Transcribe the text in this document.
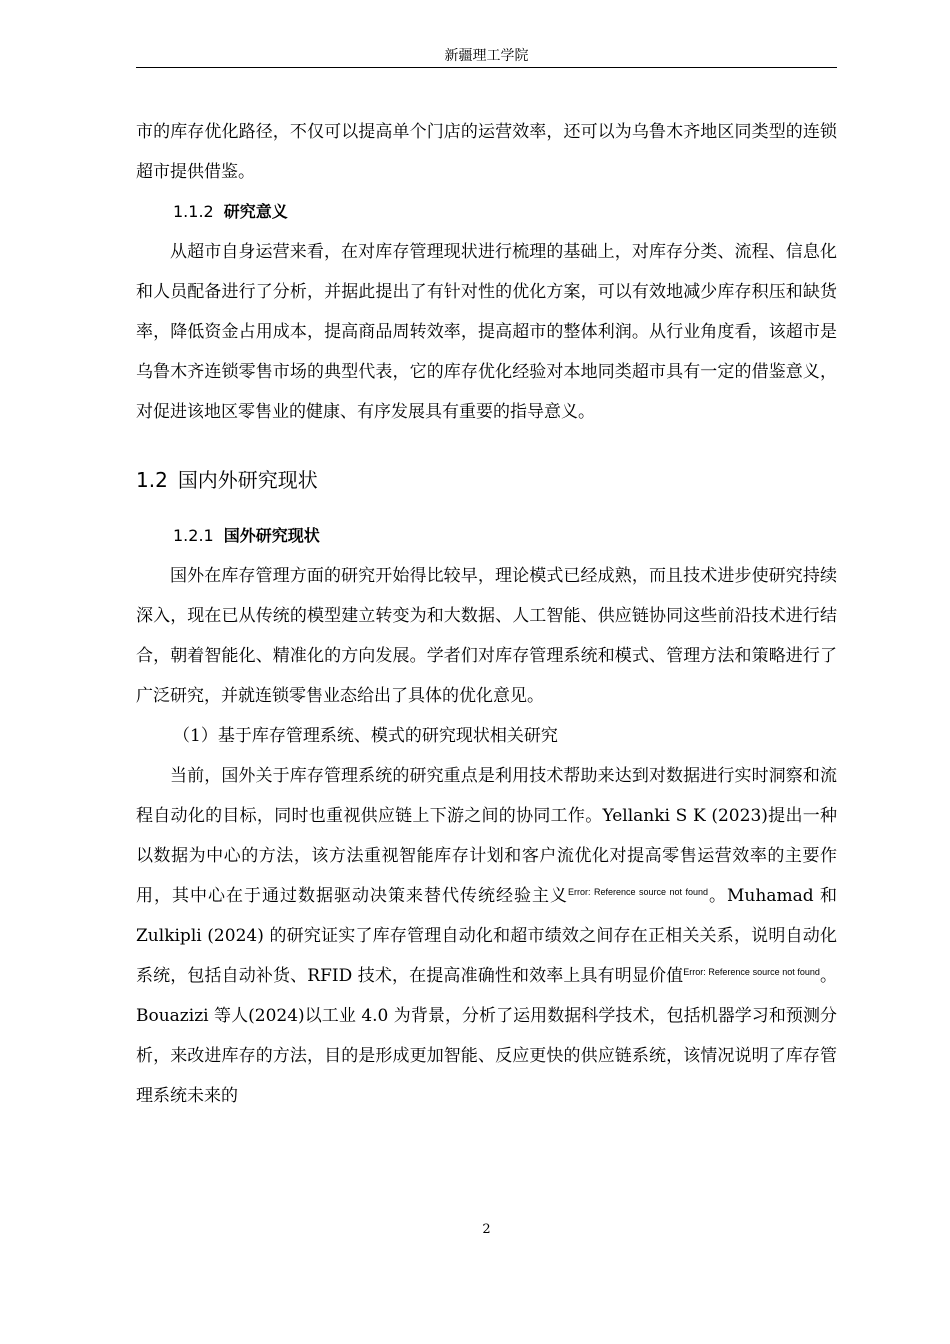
新疆理工学院

市的库存优化路径，不仅可以提高单个门店的运营效率，还可以为乌鲁木齐地区同类型的连锁超市提供借鉴。

1.1.2 研究意义

从超市自身运营来看，在对库存管理现状进行梳理的基础上，对库存分类、流程、信息化和人员配备进行了分析，并据此提出了有针对性的优化方案，可以有效地减少库存积压和缺货率，降低资金占用成本，提高商品周转效率，提高超市的整体利润。从行业角度看，该超市是乌鲁木齐连锁零售市场的典型代表，它的库存优化经验对本地同类超市具有一定的借鉴意义，对促进该地区零售业的健康、有序发展具有重要的指导意义。

1.2 国内外研究现状
1.2.1 国外研究现状

国外在库存管理方面的研究开始得比较早，理论模式已经成熟，而且技术进步使研究持续深入，现在已从传统的模型建立转变为和大数据、人工智能、供应链协同这些前沿技术进行结合，朝着智能化、精准化的方向发展。学者们对库存管理系统和模式、管理方法和策略进行了广泛研究，并就连锁零售业态给出了具体的优化意见。

（1）基于库存管理系统、模式的研究现状相关研究

当前，国外关于库存管理系统的研究重点是利用技术帮助来达到对数据进行实时洞察和流程自动化的目标，同时也重视供应链上下游之间的协同工作。Yellanki S K (2023)提出一种以数据为中心的方法，该方法重视智能库存计划和客户流优化对提高零售运营效率的主要作用，其中心在于通过数据驱动决策来替代传统经验主义$^{Error: Reference source not found}$。Muhamad 和 Zulkipli (2024) 的研究证实了库存管理自动化和超市绩效之间存在正相关关系，说明自动化系统，包括自动补货、RFID 技术，在提高准确性和效率上具有明显价值$^{Error: Reference source not found}$。Bouazizi 等人(2024)以工业 4.0 为背景，分析了运用数据科学技术，包括机器学习和预测分析，来改进库存的方法，目的是形成更加智能、反应更快的供应链系统，该情况说明了库存管理系统未来的

2
